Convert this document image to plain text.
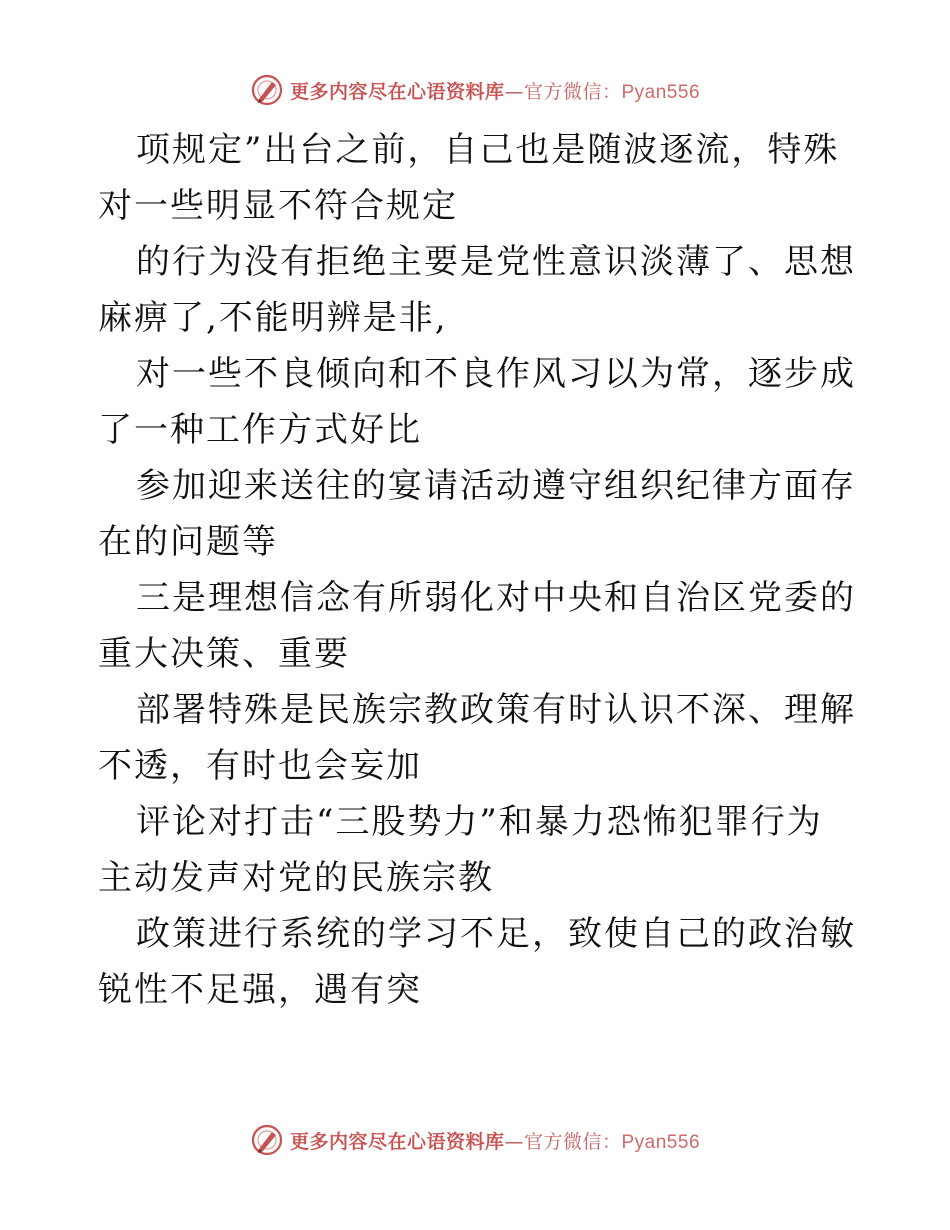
更多内容尽在心语资料库—官方微信：Pyan556

项规定”出台之前，自己也是随波逐流，特殊对一些明显不符合规定

的行为没有拒绝主要是党性意识淡薄了、思想麻痹了,不能明辨是非,

对一些不良倾向和不良作风习以为常，逐步成了一种工作方式好比

参加迎来送往的宴请活动遵守组织纪律方面存在的问题等

三是理想信念有所弱化对中央和自治区党委的重大决策、重要

部署特殊是民族宗教政策有时认识不深、理解不透，有时也会妄加

评论对打击“三股势力”和暴力恐怖犯罪行为主动发声对党的民族宗教

政策进行系统的学习不足，致使自己的政治敏锐性不足强，遇有突

更多内容尽在心语资料库—官方微信：Pyan556
